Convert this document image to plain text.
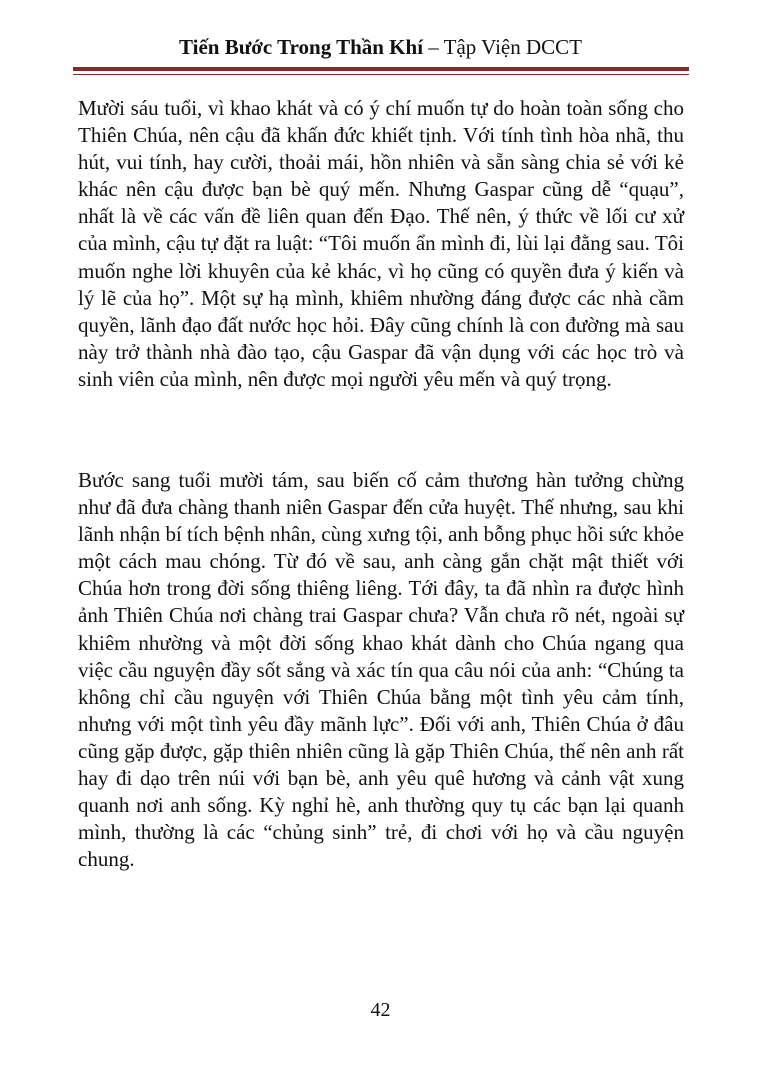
Tiến Bước Trong Thần Khí – Tập Viện DCCT

Mười sáu tuổi, vì khao khát và có ý chí muốn tự do hoàn toàn sống cho Thiên Chúa, nên cậu đã khấn đức khiết tịnh. Với tính tình hòa nhã, thu hút, vui tính, hay cười, thoải mái, hồn nhiên và sẵn sàng chia sẻ với kẻ khác nên cậu được bạn bè quý mến. Nhưng Gaspar cũng dễ “quạu”, nhất là về các vấn đề liên quan đến Đạo. Thế nên, ý thức về lối cư xử của mình, cậu tự đặt ra luật: “Tôi muốn ẩn mình đi, lùi lại đằng sau. Tôi muốn nghe lời khuyên của kẻ khác, vì họ cũng có quyền đưa ý kiến và lý lẽ của họ”. Một sự hạ mình, khiêm nhường đáng được các nhà cầm quyền, lãnh đạo đất nước học hỏi. Đây cũng chính là con đường mà sau này trở thành nhà đào tạo, cậu Gaspar đã vận dụng với các học trò và sinh viên của mình, nên được mọi người yêu mến và quý trọng.

Bước sang tuổi mười tám, sau biến cố cảm thương hàn tưởng chừng như đã đưa chàng thanh niên Gaspar đến cửa huyệt. Thế nhưng, sau khi lãnh nhận bí tích bệnh nhân, cùng xưng tội, anh bỗng phục hồi sức khỏe một cách mau chóng. Từ đó về sau, anh càng gắn chặt mật thiết với Chúa hơn trong đời sống thiêng liêng. Tới đây, ta đã nhìn ra được hình ảnh Thiên Chúa nơi chàng trai Gaspar chưa? Vẫn chưa rõ nét, ngoài sự khiêm nhường và một đời sống khao khát dành cho Chúa ngang qua việc cầu nguyện đầy sốt sắng và xác tín qua câu nói của anh: “Chúng ta không chỉ cầu nguyện với Thiên Chúa bằng một tình yêu cảm tính, nhưng với một tình yêu đầy mãnh lực”. Đối với anh, Thiên Chúa ở đâu cũng gặp được, gặp thiên nhiên cũng là gặp Thiên Chúa, thế nên anh rất hay đi dạo trên núi với bạn bè, anh yêu quê hương và cảnh vật xung quanh nơi anh sống. Kỳ nghỉ hè, anh thường quy tụ các bạn lại quanh mình, thường là các “chủng sinh” trẻ, đi chơi với họ và cầu nguyện chung.

42
